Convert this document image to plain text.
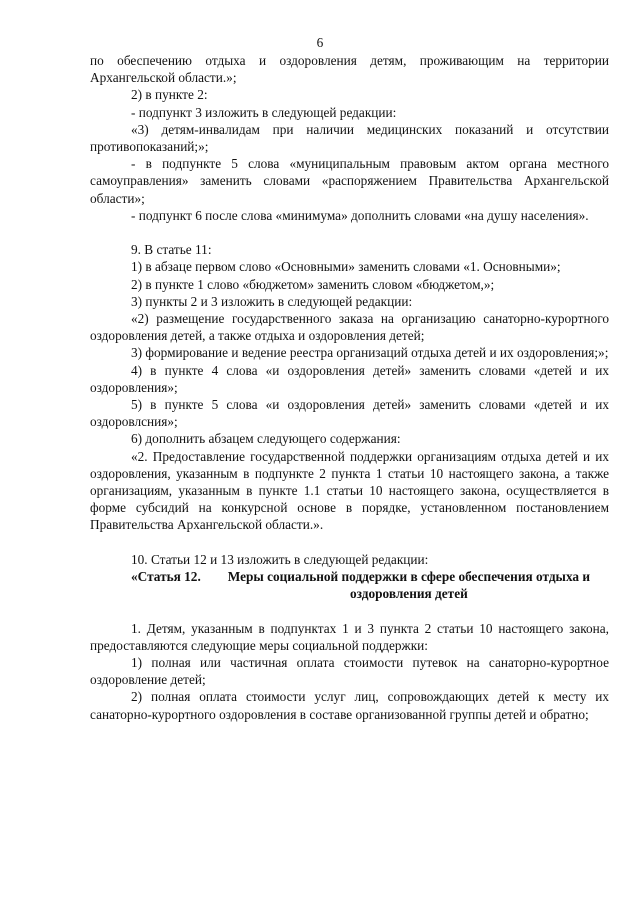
6

по обеспечению отдыха и оздоровления детям, проживающим на территории Архангельской области.»;

2) в пункте 2:

- подпункт 3 изложить в следующей редакции:

«3) детям-инвалидам при наличии медицинских показаний и отсутствии противопоказаний;»;

- в подпункте 5 слова «муниципальным правовым актом органа местного самоуправления» заменить словами «распоряжением Правительства Архангельской области»;

- подпункт 6 после слова «минимума» дополнить словами «на душу населения».

9. В статье 11:

1) в абзаце первом слово «Основными» заменить словами «1. Основными»;

2) в пункте 1 слово «бюджетом» заменить словом «бюджетом,»;

3) пункты 2 и 3 изложить в следующей редакции:

«2) размещение государственного заказа на организацию санаторно-курортного оздоровления детей, а также отдыха и оздоровления детей;

3) формирование и ведение реестра организаций отдыха детей и их оздоровления;»;

4) в пункте 4 слова «и оздоровления детей» заменить словами «детей и их оздоровления»;

5) в пункте 5 слова «и оздоровления детей» заменить словами «детей и их оздоровлсния»;

6) дополнить абзацем следующего содержания:

«2. Предоставление государственной поддержки организациям отдыха детей и их оздоровления, указанным в подпункте 2 пункта 1 статьи 10 настоящего закона, а также организациям, указанным в пункте 1.1 статьи 10 настоящего закона, осуществляется в форме субсидий на конкурсной основе в порядке, установленном постановлением Правительства Архангельской области.».

10. Статьи 12 и 13 изложить в следующей редакции:

«Статья 12.	Меры социальной поддержки в сфере обеспечения отдыха и оздоровления детей

1. Детям, указанным в подпунктах 1 и 3 пункта 2 статьи 10 настоящего закона, предоставляются следующие меры социальной поддержки:

1) полная или частичная оплата стоимости путевок на санаторно-курортное оздоровление детей;

2) полная оплата стоимости услуг лиц, сопровождающих детей к месту их санаторно-курортного оздоровления в составе организованной группы детей и обратно;
